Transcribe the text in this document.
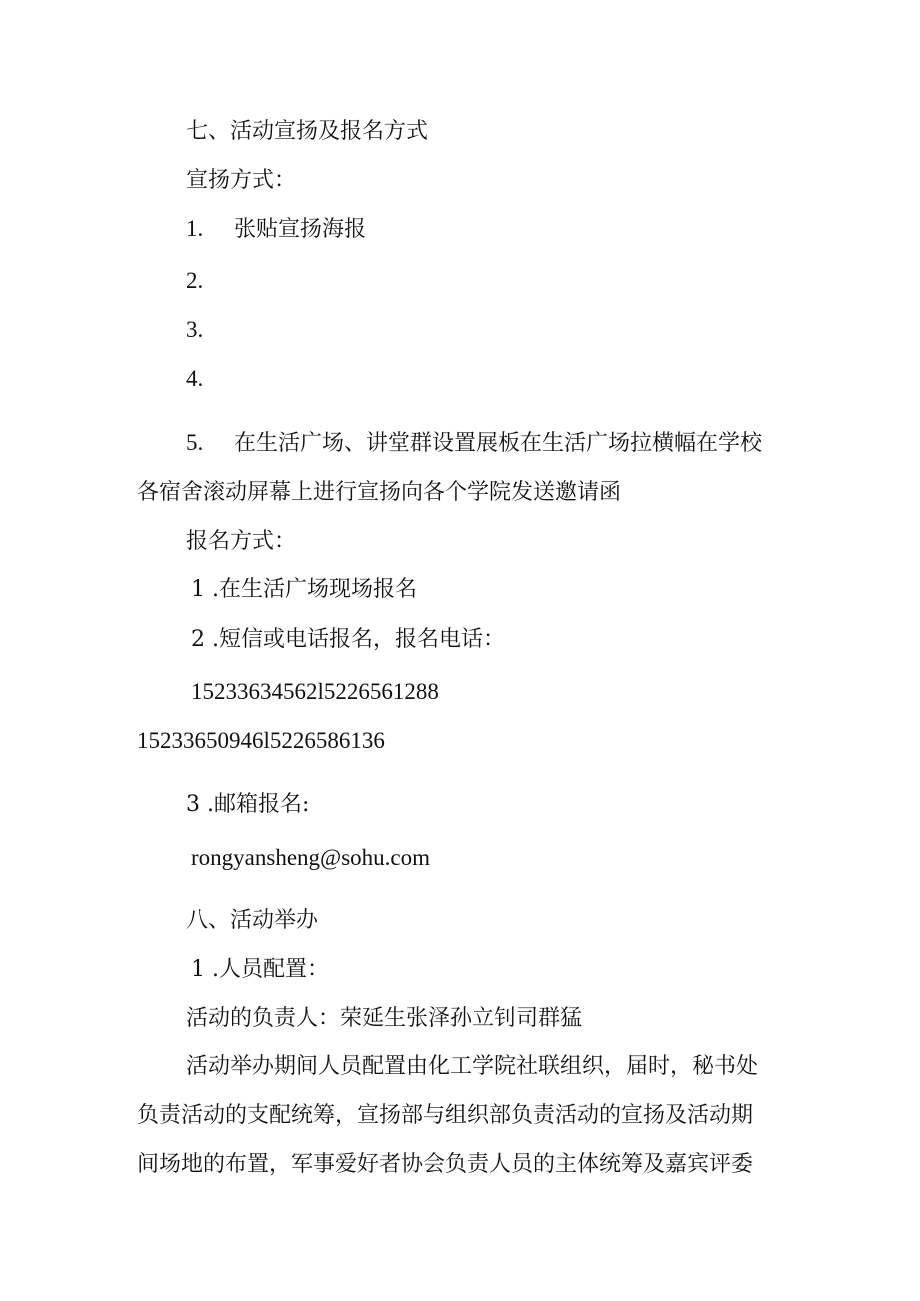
七、活动宣扬及报名方式

宣扬方式：

1. 张贴宣扬海报

2.

3.

4.

5. 在生活广场、讲堂群设置展板在生活广场拉横幅在学校

各宿舍滚动屏幕上进行宣扬向各个学院发送邀请函

报名方式：

1 .在生活广场现场报名

2 .短信或电话报名，报名电话：

15233634562l5226561288

15233650946l5226586136

3 .邮箱报名:

rongyansheng@sohu.com

八、活动举办

1 .人员配置：

活动的负责人：荣延生张泽孙立钊司群猛

活动举办期间人员配置由化工学院社联组织，届时，秘书处

负责活动的支配统筹，宣扬部与组织部负责活动的宣扬及活动期

间场地的布置，军事爱好者协会负责人员的主体统筹及嘉宾评委
